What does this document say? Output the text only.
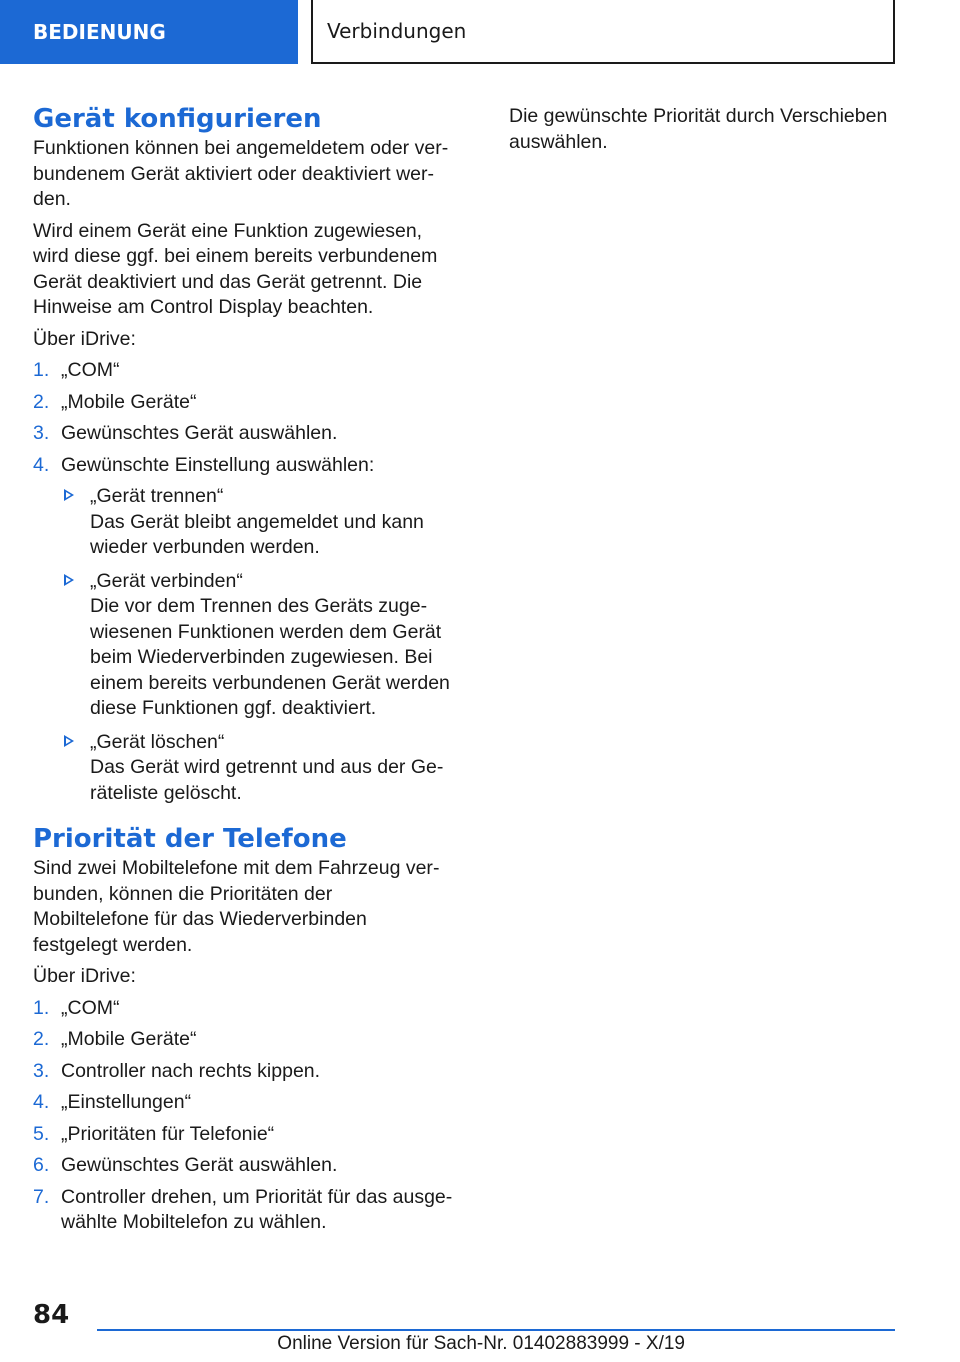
BEDIENUNG	Verbindungen
Gerät konfigurieren

Funktionen können bei angemeldetem oder verbundenem Gerät aktiviert oder deaktiviert werden.

Wird einem Gerät eine Funktion zugewiesen, wird diese ggf. bei einem bereits verbundenem Gerät deaktiviert und das Gerät getrennt. Die Hinweise am Control Display beachten.

Über iDrive:

1. „COM“
2. „Mobile Geräte“
3. Gewünschtes Gerät auswählen.
4. Gewünschte Einstellung auswählen:
„Gerät trennen“
Das Gerät bleibt angemeldet und kann wieder verbunden werden.
„Gerät verbinden“
Die vor dem Trennen des Geräts zugewiesenen Funktionen werden dem Gerät beim Wiederverbinden zugewiesen. Bei einem bereits verbundenen Gerät werden diese Funktionen ggf. deaktiviert.
„Gerät löschen“
Das Gerät wird getrennt und aus der Geräteliste gelöscht.
Priorität der Telefone

Sind zwei Mobiltelefone mit dem Fahrzeug verbunden, können die Prioritäten der Mobiltelefone für das Wiederverbinden festgelegt werden.

Über iDrive:

1. „COM“
2. „Mobile Geräte“
3. Controller nach rechts kippen.
4. „Einstellungen“
5. „Prioritäten für Telefonie“
6. Gewünschtes Gerät auswählen.
7. Controller drehen, um Priorität für das ausgewählte Mobiltelefon zu wählen.

Die gewünschte Priorität durch Verschieben auswählen.

84
Online Version für Sach-Nr. 01402883999 - X/19
